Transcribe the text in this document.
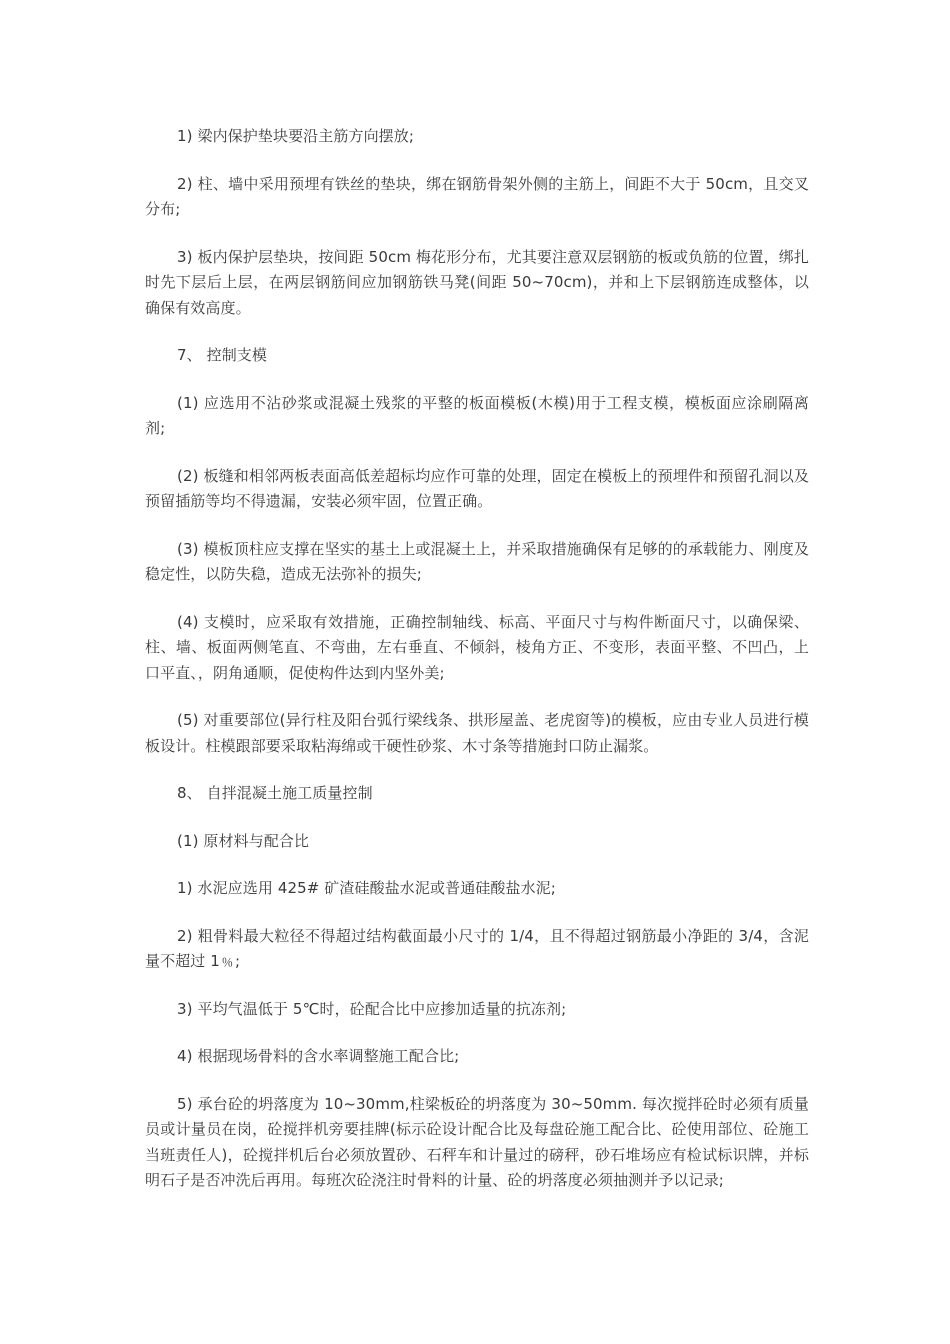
1) 梁内保护垫块要沿主筋方向摆放;

2) 柱、墙中采用预埋有铁丝的垫块，绑在钢筋骨架外侧的主筋上，间距不大于 50cm，且交叉分布;

3) 板内保护层垫块，按间距 50cm 梅花形分布，尤其要注意双层钢筋的板或负筋的位置，绑扎时先下层后上层，在两层钢筋间应加钢筋铁马凳(间距 50~70cm)，并和上下层钢筋连成整体，以确保有效高度。

7、 控制支模

(1) 应选用不沾砂浆或混凝土残浆的平整的板面模板(木模)用于工程支模，模板面应涂刷隔离剂;

(2) 板缝和相邻两板表面高低差超标均应作可靠的处理，固定在模板上的预埋件和预留孔洞以及预留插筋等均不得遗漏，安装必须牢固，位置正确。

(3) 模板顶柱应支撑在坚实的基土上或混凝土上，并采取措施确保有足够的的承载能力、刚度及稳定性，以防失稳，造成无法弥补的损失;

(4) 支模时，应采取有效措施，正确控制轴线、标高、平面尺寸与构件断面尺寸，以确保梁、柱、墙、板面两侧笔直、不弯曲，左右垂直、不倾斜，棱角方正、不变形，表面平整、不凹凸，上口平直、，阴角通顺，促使构件达到内坚外美;

(5) 对重要部位(异行柱及阳台弧行梁线条、拱形屋盖、老虎窗等)的模板，应由专业人员进行模板设计。柱模跟部要采取粘海绵或干硬性砂浆、木寸条等措施封口防止漏浆。

8、 自拌混凝土施工质量控制

(1) 原材料与配合比

1) 水泥应选用 425# 矿渣硅酸盐水泥或普通硅酸盐水泥;

2) 粗骨料最大粒径不得超过结构截面最小尺寸的 1/4，且不得超过钢筋最小净距的 3/4，含泥量不超过 1﹪;

3) 平均气温低于 5℃时，砼配合比中应掺加适量的抗冻剂;

4) 根据现场骨料的含水率调整施工配合比;

5) 承台砼的坍落度为 10~30mm,柱梁板砼的坍落度为 30~50mm. 每次搅拌砼时必须有质量员或计量员在岗，砼搅拌机旁要挂牌(标示砼设计配合比及每盘砼施工配合比、砼使用部位、砼施工当班责任人)，砼搅拌机后台必须放置砂、石秤车和计量过的磅秤，砂石堆场应有检试标识牌，并标明石子是否冲洗后再用。每班次砼浇注时骨料的计量、砼的坍落度必须抽测并予以记录;
